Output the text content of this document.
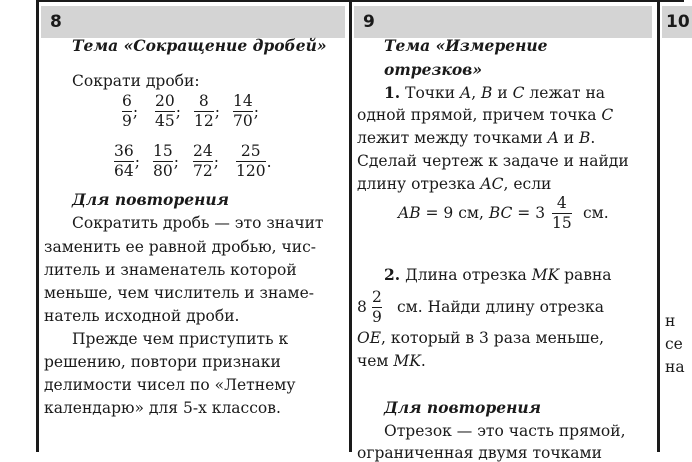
8	9	10
Тема «Сокращение дробей»
Сократи дроби:
6
9 ;
20
45 ;
8
12 ;
14
70 ;
36
64 ;
15
80 ;
24
72 ;
25
120 .
Для повторения
Сократить дробь — это значит
заменить ее равной дробью, чис-
литель и знаменатель которой
меньше, чем числитель и знаме-
натель исходной дроби.
Прежде чем приступить к
решению, повтори признаки
делимости чисел по «Летнему
календарю» для 5-х классов.
Тема «Измерение
отрезков»
1. Точки A, B и C лежат на
одной прямой, причем точка C
лежит между точками A и B.
Сделай чертеж к задаче и найди
длину отрезка AC, если
AB = 9 см, BC = 3
4
15
см.
2. Длина отрезка MK равна
8
2
9
см. Найди длину отрезка
OE, который в 3 раза меньше,
чем MK.
Для повторения
Отрезок — это часть прямой,
ограниченная двумя точками
н
се
на
